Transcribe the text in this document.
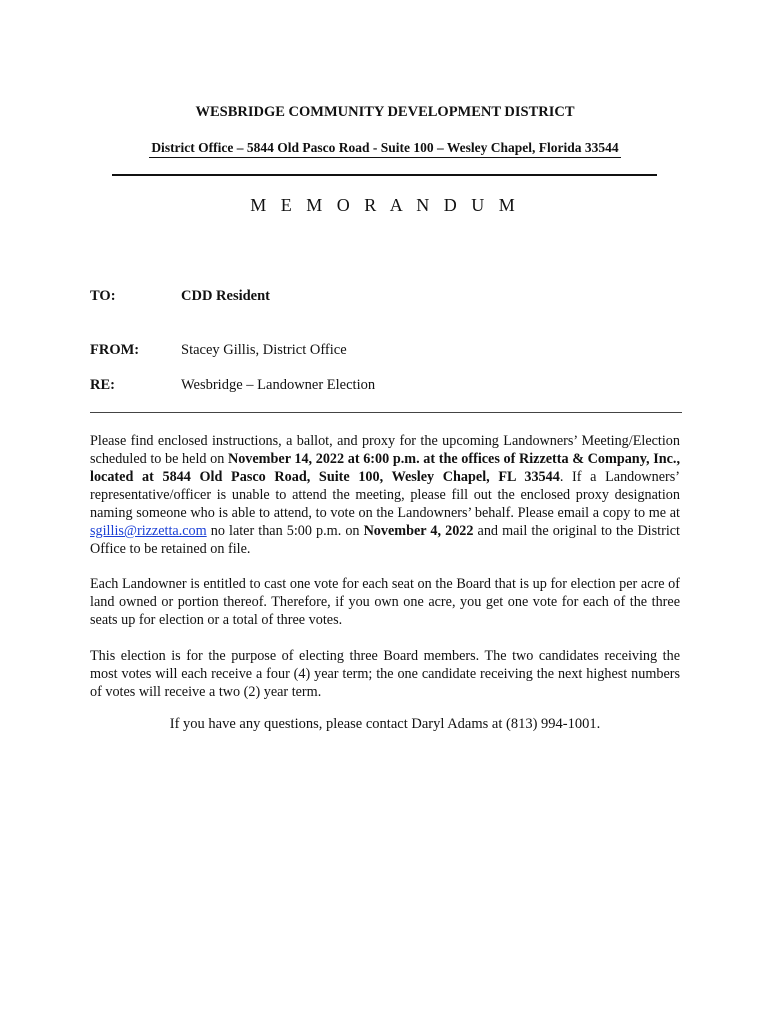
WESBRIDGE COMMUNITY DEVELOPMENT DISTRICT
District Office – 5844 Old Pasco Road - Suite 100 – Wesley Chapel, Florida 33544
M E M O R A N D U M
TO:	CDD Resident
FROM:	Stacey Gillis, District Office
RE:	Wesbridge – Landowner Election

Please find enclosed instructions, a ballot, and proxy for the upcoming Landowners’ Meeting/Election scheduled to be held on November 14, 2022 at 6:00 p.m. at the offices of Rizzetta & Company, Inc., located at 5844 Old Pasco Road, Suite 100, Wesley Chapel, FL 33544. If a Landowners’ representative/officer is unable to attend the meeting, please fill out the enclosed proxy designation naming someone who is able to attend, to vote on the Landowners’ behalf. Please email a copy to me at sgillis@rizzetta.com no later than 5:00 p.m. on November 4, 2022 and mail the original to the District Office to be retained on file.

Each Landowner is entitled to cast one vote for each seat on the Board that is up for election per acre of land owned or portion thereof. Therefore, if you own one acre, you get one vote for each of the three seats up for election or a total of three votes.

This election is for the purpose of electing three Board members. The two candidates receiving the most votes will each receive a four (4) year term; the one candidate receiving the next highest numbers of votes will receive a two (2) year term.

If you have any questions, please contact Daryl Adams at (813) 994-1001.
